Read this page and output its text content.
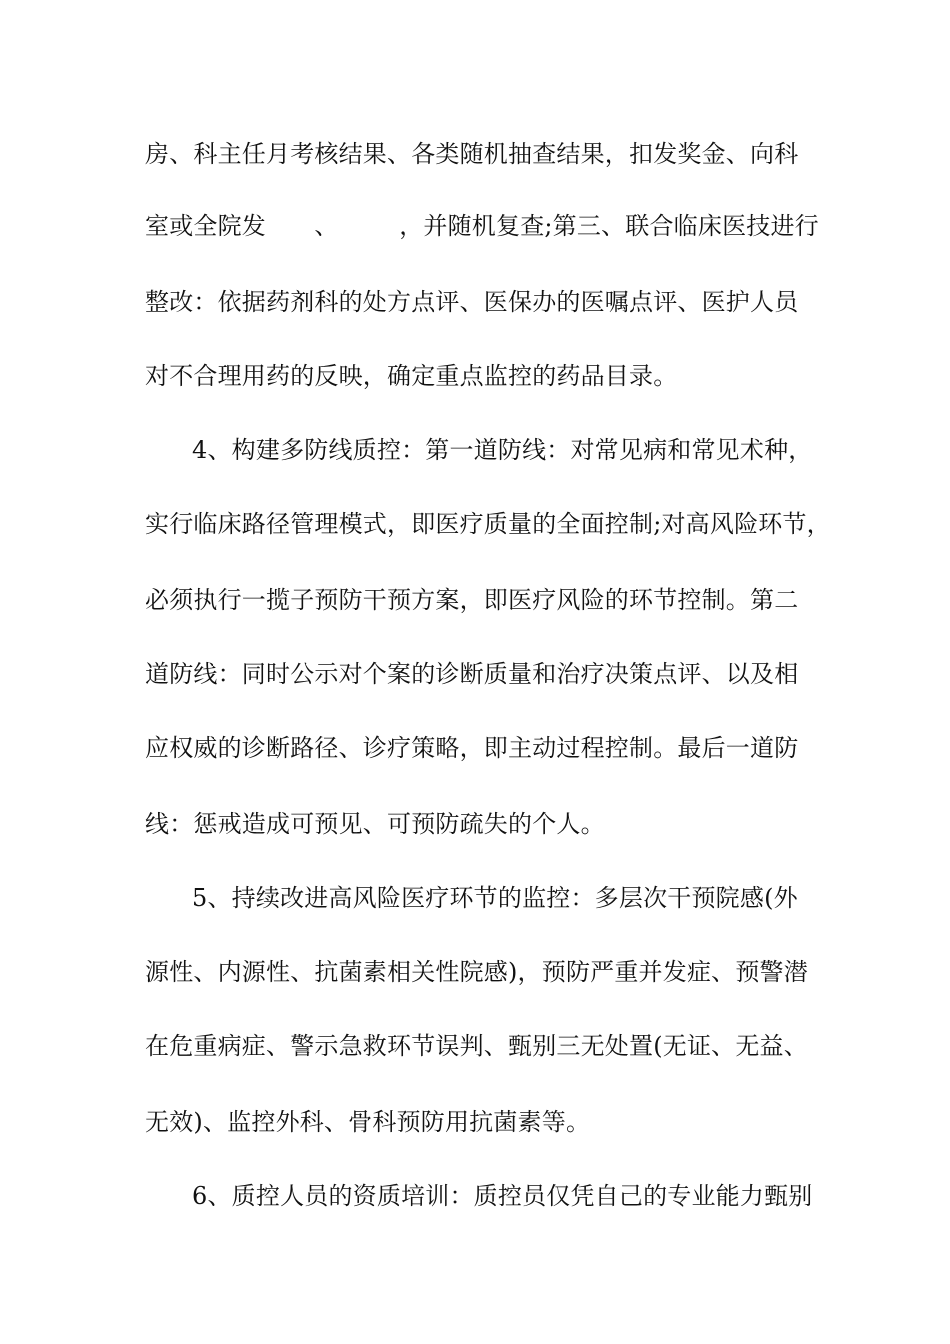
房、科主任月考核结果、各类随机抽查结果，扣发奖金、向科
室或全院发　　、　　　，并随机复查;第三、联合临床医技进行
整改：依据药剂科的处方点评、医保办的医嘱点评、医护人员
对不合理用药的反映，确定重点监控的药品目录。
4、构建多防线质控：第一道防线：对常见病和常见术种，
实行临床路径管理模式，即医疗质量的全面控制;对高风险环节，
必须执行一揽子预防干预方案，即医疗风险的环节控制。第二
道防线：同时公示对个案的诊断质量和治疗决策点评、以及相
应权威的诊断路径、诊疗策略，即主动过程控制。最后一道防
线：惩戒造成可预见、可预防疏失的个人。
5、持续改进高风险医疗环节的监控：多层次干预院感(外
源性、内源性、抗菌素相关性院感)，预防严重并发症、预警潜
在危重病症、警示急救环节误判、甄别三无处置(无证、无益、
无效)、监控外科、骨科预防用抗菌素等。
6、质控人员的资质培训：质控员仅凭自己的专业能力甄别
